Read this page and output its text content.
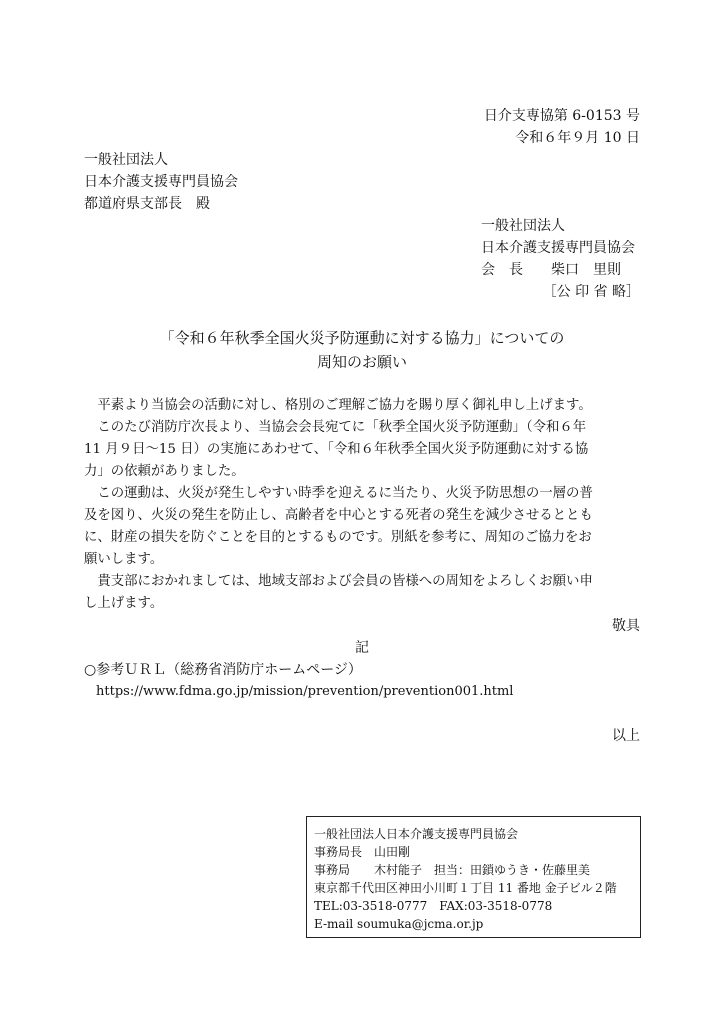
日介支専協第 6-0153 号
令和６年９月 10 日
一般社団法人
日本介護支援専門員協会
都道府県支部長　殿
一般社団法人
日本介護支援専門員協会
会　長　　柴口　里則
［公 印 省 略］
「令和６年秋季全国火災予防運動に対する協力」についての
周知のお願い
平素より当協会の活動に対し、格別のご理解ご協力を賜り厚く御礼申し上げます。
このたび消防庁次長より、当協会会長宛てに「秋季全国火災予防運動」（令和６年
11 月９日～15 日）の実施にあわせて、「令和６年秋季全国火災予防運動に対する協
力」の依頼がありました。
この運動は、火災が発生しやすい時季を迎えるに当たり、火災予防思想の一層の普
及を図り、火災の発生を防止し、高齢者を中心とする死者の発生を減少させるととも
に、財産の損失を防ぐことを目的とするものです。別紙を参考に、周知のご協力をお
願いします。
貴支部におかれましては、地域支部および会員の皆様への周知をよろしくお願い申
し上げます。
敬具
記
○参考ＵＲＬ（総務省消防庁ホームページ）
https://www.fdma.go.jp/mission/prevention/prevention001.html
以上
一般社団法人日本介護支援専門員協会
事務局長　山田剛
事務局　　木村能子　担当：田鎖ゆうき・佐藤里美
東京都千代田区神田小川町１丁目 11 番地 金子ビル２階
TEL:03-3518-0777　FAX:03-3518-0778
E-mail soumuka@jcma.or.jp
